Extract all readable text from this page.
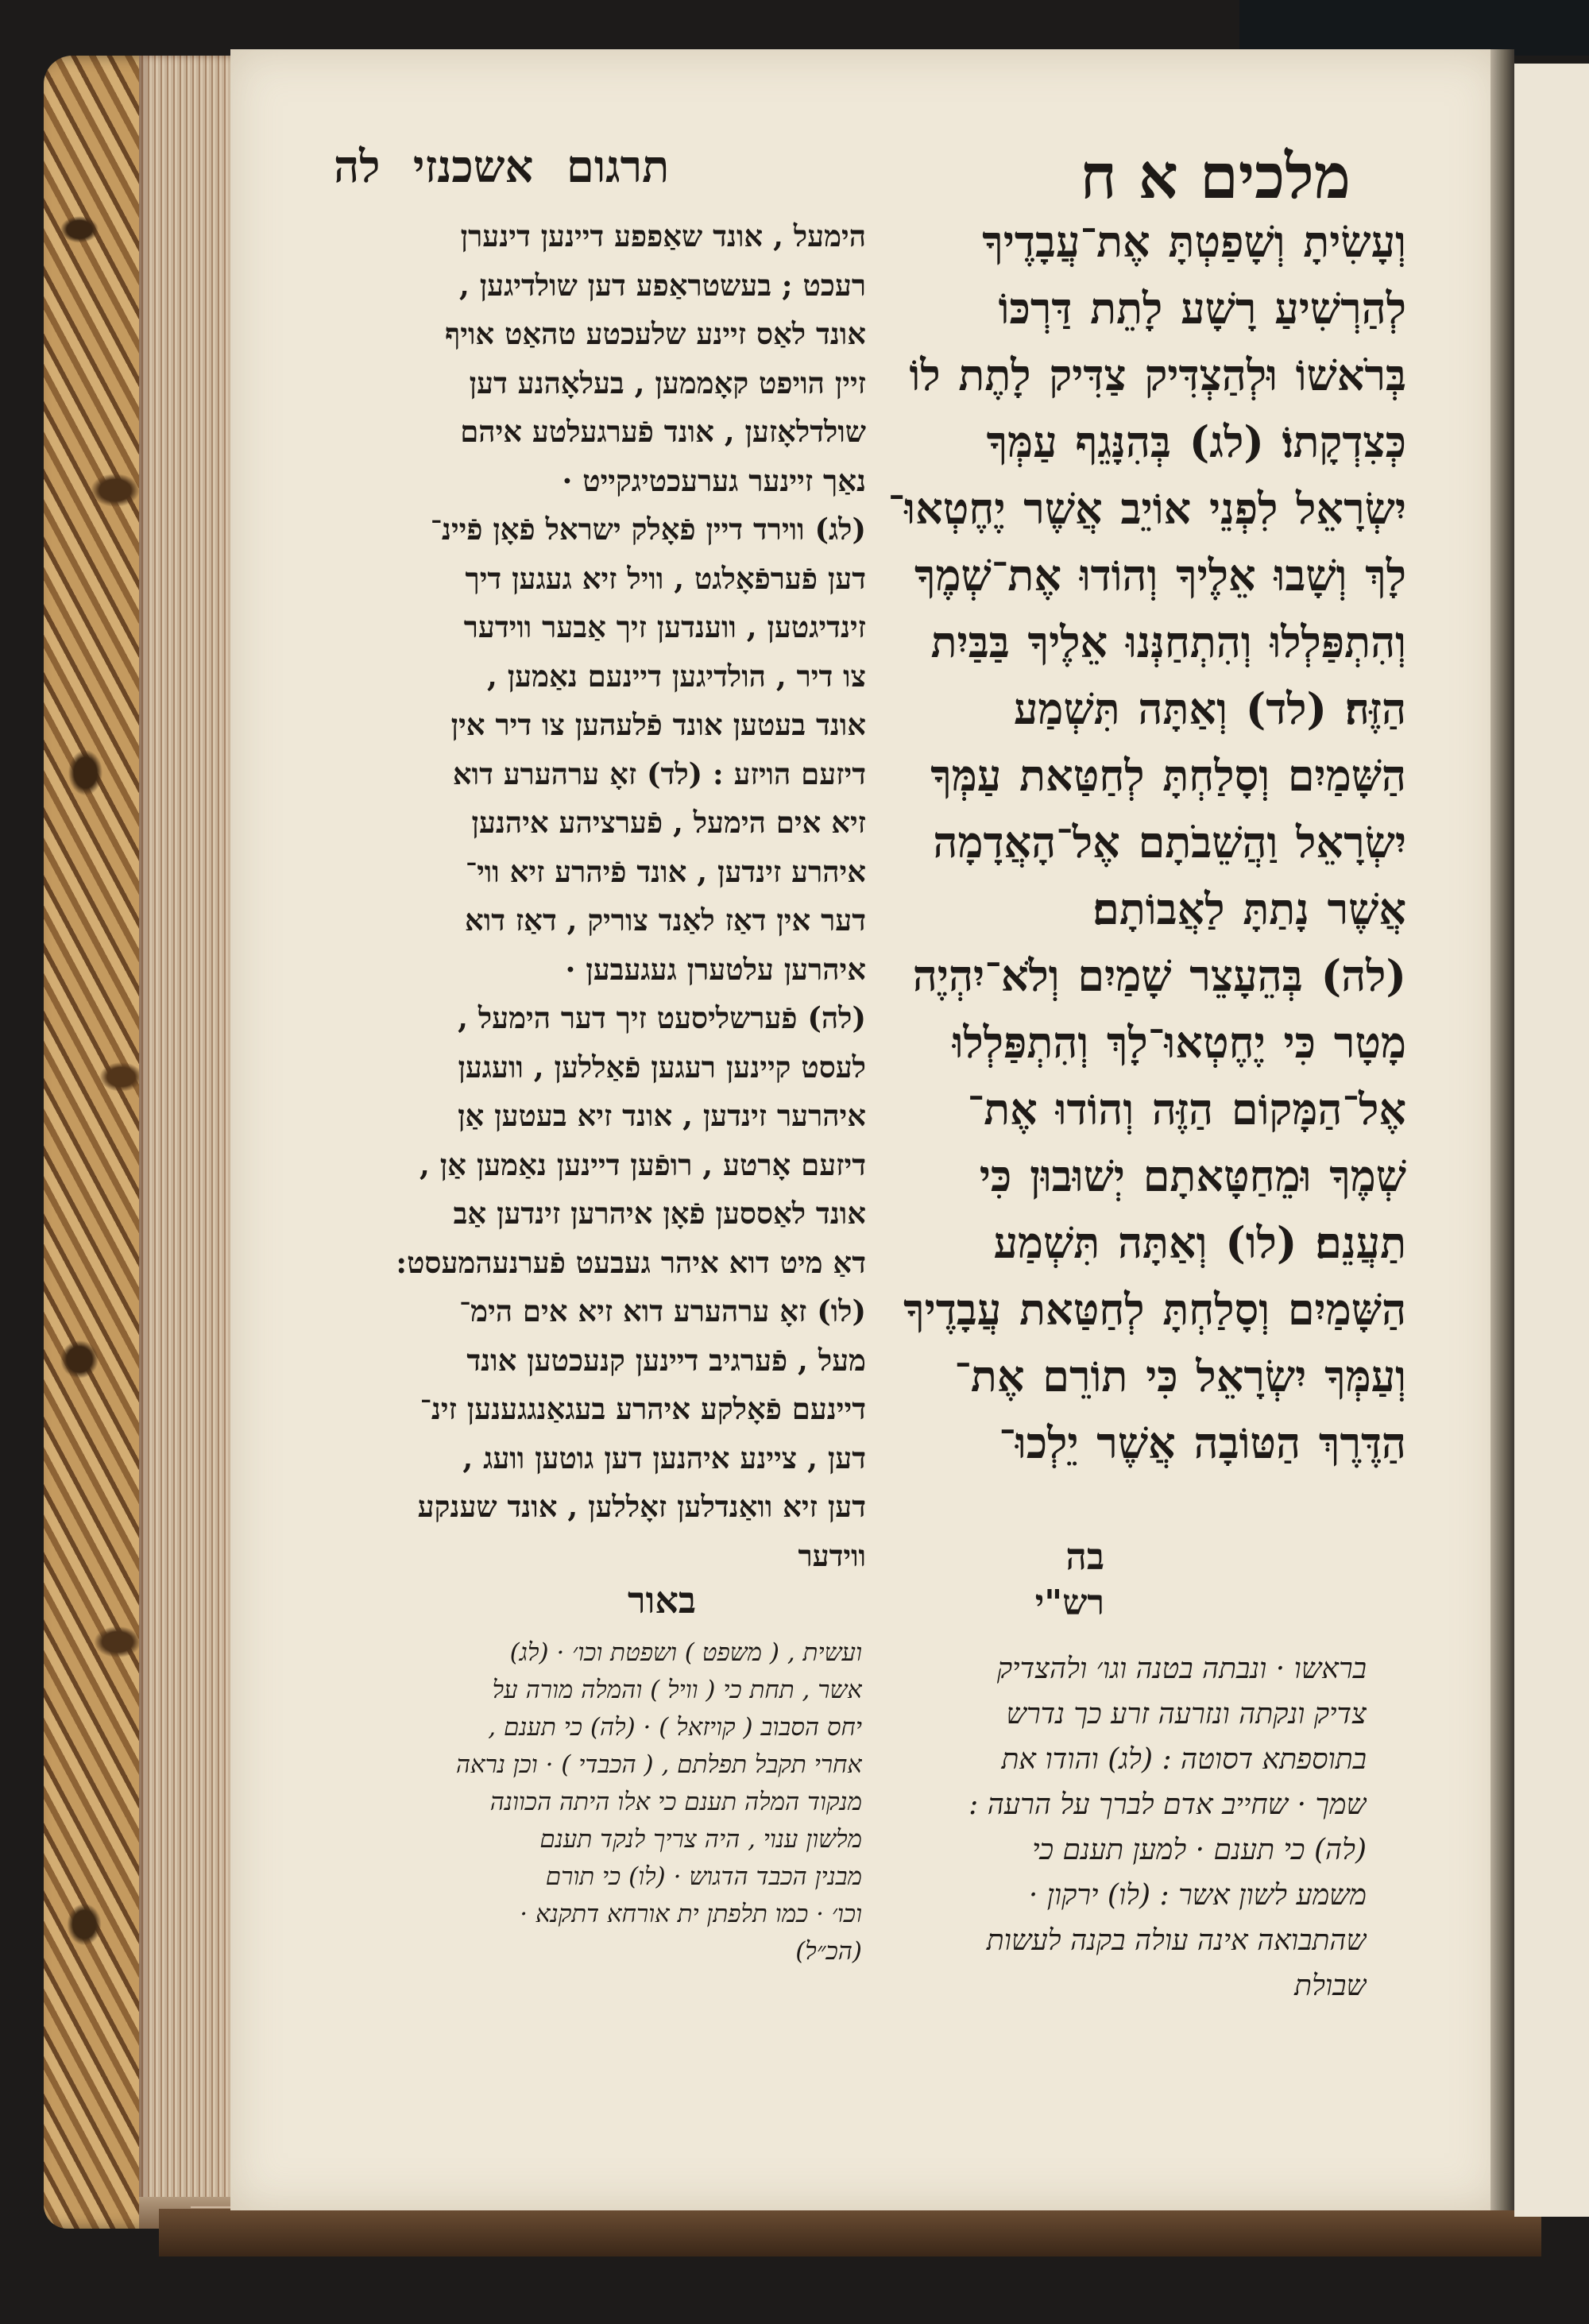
מלכים א ח
תרגום אשכנזי לה
וְעָשִׂיתָ וְשָׁפַטְתָּ אֶת־עֲבָדֶיךָ
לְהַרְשִׁיעַ רָשָׁע לָתֵת דַּרְכּוֹ
בְּרֹאשׁוֹ וּלְהַצְדִּיק צַדִּיק לָתֶת לוֹ
כְּצִדְקָתוֹ׃ (לג) בְּהִנָּגֵף עַמְּךָ
יִשְׂרָאֵל לִפְנֵי אוֹיֵב אֲשֶׁר יֶחֶטְאוּ־
לָךְ וְשָׁבוּ אֵלֶיךָ וְהוֹדוּ אֶת־שְׁמֶךָ
וְהִתְפַּלְלוּ וְהִתְחַנְּנוּ אֵלֶיךָ בַּבַּיִת
הַזֶּה׃ (לד) וְאַתָּה תִּשְׁמַע
הַשָּׁמַיִם וְסָלַחְתָּ לְחַטַּאת עַמְּךָ
יִשְׂרָאֵל וַהֲשֵׁבֹתָם אֶל־הָאֲדָמָה
אֲשֶׁר נָתַתָּ לַאֲבוֹתָם׃
(לה) בְּהֵעָצֵר שָׁמַיִם וְלֹא־יִהְיֶה
מָטָר כִּי יֶחֶטְאוּ־לָךְ וְהִתְפַּלְלוּ
אֶל־הַמָּקוֹם הַזֶּה וְהוֹדוּ אֶת־
שְׁמֶךָ וּמֵחַטָּאתָם יְשׁוּבוּן כִּי
תַעֲנֵם׃ (לו) וְאַתָּה תִּשְׁמַע
הַשָּׁמַיִם וְסָלַחְתָּ לְחַטַּאת עֲבָדֶיךָ
וְעַמְּךָ יִשְׂרָאֵל כִּי תוֹרֵם אֶת־
הַדֶּרֶךְ הַטּוֹבָה אֲשֶׁר יֵלְכוּ־
הימעל , אונד שאַפפע דיינען דינערן
רעכט ; בעשטראַפע דען שולדיגען ,
אונד לאַס זיינע שלעכטע טהאַט אויף
זיין הויפט קאָממען , בעלאָהנע דען
שולדלאָזען , אונד פֿערגעלטע איהם
נאַך זיינער גערעכטיגקייט ·
(לג) ווירד דיין פֿאָלק ישראל פֿאָן פֿיינ־
דען פֿערפֿאָלגט , וויל זיא געגען דיך
זינדיגטען , ווענדען זיך אַבער ווידער
צו דיר , הולדיגען דיינעם נאַמען ,
אונד בעטען אונד פֿלעהען צו דיר אין
דיזעם הויזע : (לד) זאָ ערהערע דוא
זיא אים הימעל , פֿערציהע איהנען
איהרע זינדען , אונד פֿיהרע זיא ווי־
דער אין דאַז לאַנד צוריק , דאַז דוא
איהרען עלטערן געגעבען ·
(לה) פֿערשליסעט זיך דער הימעל ,
לעסט קיינען רעגען פֿאַללען , וועגען
איהרער זינדען , אונד זיא בעטען אַן
דיזעם אָרטע , רופֿען דיינען נאַמען אַן ,
אונד לאַססען פֿאָן איהרען זינדען אַב
דאַ מיט דוא איהר געבעט פֿערנעהמעסט:
(לו) זאָ ערהערע דוא זיא אים הימ־
מעל , פֿערגיב דיינען קנעכטען אונד
דיינעם פֿאָלקע איהרע בעגאַנגגענען זינ־
דען , ציינע איהנען דען גוטען וועג ,
דען זיא וואַנדלען זאָללען , אונד שענקע
ווידער	בה
רש"י
באור
בראשו · ונבתה בטנה וגו׳ ולהצדיק
צדיק ונקתה ונזרעה זרע כך נדרש
בתוספתא דסוטה : (לג) והודו את
שמך · שחייב אדם לברך על הרעה :
(לה) כי תענם · למען תענם כי
משמע לשון אשר : (לו) ירקון ·
שהתבואה אינה עולה בקנה לעשות
שבולת
ועשית , ( משפט ) ושפטת וכו׳ · (לג)
אשר , תחת כי ( וויל ) והמלה מורה על
יחס הסבוב ( קויזאל ) · (לה) כי תענם ,
אחרי תקבל תפלתם , ( הכבדי ) · וכן נראה
מנקוד המלה תענם כי אלו היתה הכוונה
מלשון ענוי , היה צריך לנקד תענם
מבנין הכבד הדגוש · (לו) כי תורם
וכו׳ · כמו תלפתן ית אורחא דתקנא ·
(הכ״ל)
